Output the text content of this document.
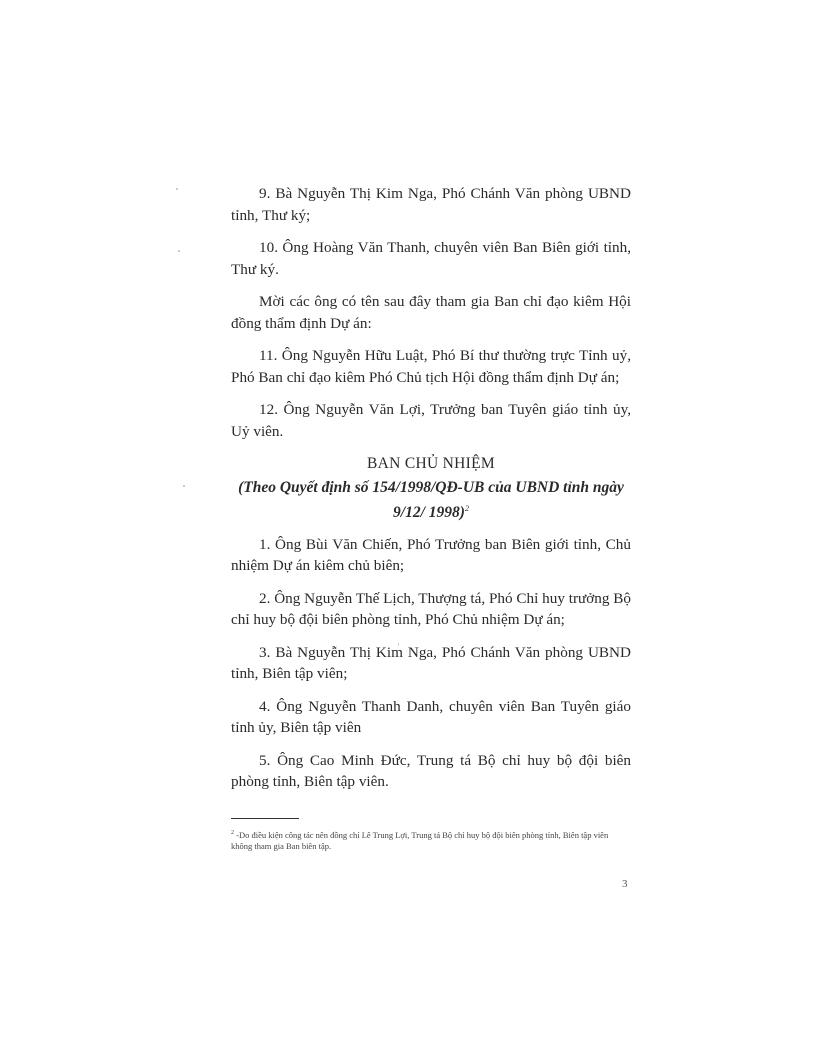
9. Bà Nguyễn Thị Kim Nga, Phó Chánh Văn phòng UBND tỉnh, Thư ký;

10. Ông Hoàng Văn Thanh, chuyên viên Ban Biên giới tỉnh, Thư ký.

Mời các ông có tên sau đây tham gia Ban chỉ đạo kiêm Hội đồng thẩm định Dự án:

11. Ông Nguyễn Hữu Luật, Phó Bí thư thường trực Tỉnh uỷ, Phó Ban chỉ đạo kiêm Phó Chủ tịch Hội đồng thẩm định Dự án;

12. Ông Nguyễn Văn Lợi, Trưởng ban Tuyên giáo tỉnh ủy, Uỷ viên.

BAN CHỦ NHIỆM
(Theo Quyết định số 154/1998/QĐ-UB của UBND tỉnh ngày 9/12/ 1998)$^2$

1. Ông Bùi Văn Chiến, Phó Trưởng ban Biên giới tỉnh, Chủ nhiệm Dự án kiêm chủ biên;

2. Ông Nguyễn Thế Lịch, Thượng tá, Phó Chỉ huy trưởng Bộ chỉ huy bộ đội biên phòng tỉnh, Phó Chủ nhiệm Dự án;

3. Bà Nguyễn Thị Kim Nga, Phó Chánh Văn phòng UBND tỉnh, Biên tập viên;

4. Ông Nguyễn Thanh Danh, chuyên viên Ban Tuyên giáo tỉnh ủy, Biên tập viên

5. Ông Cao Minh Đức, Trung tá Bộ chỉ huy bộ đội biên phòng tỉnh, Biên tập viên.

$^2$ -Do điều kiện công tác nên đồng chí Lê Trung Lợi, Trung tá Bộ chỉ huy bộ đội biên phòng tỉnh, Biên tập viên không tham gia Ban biên tập.
3
